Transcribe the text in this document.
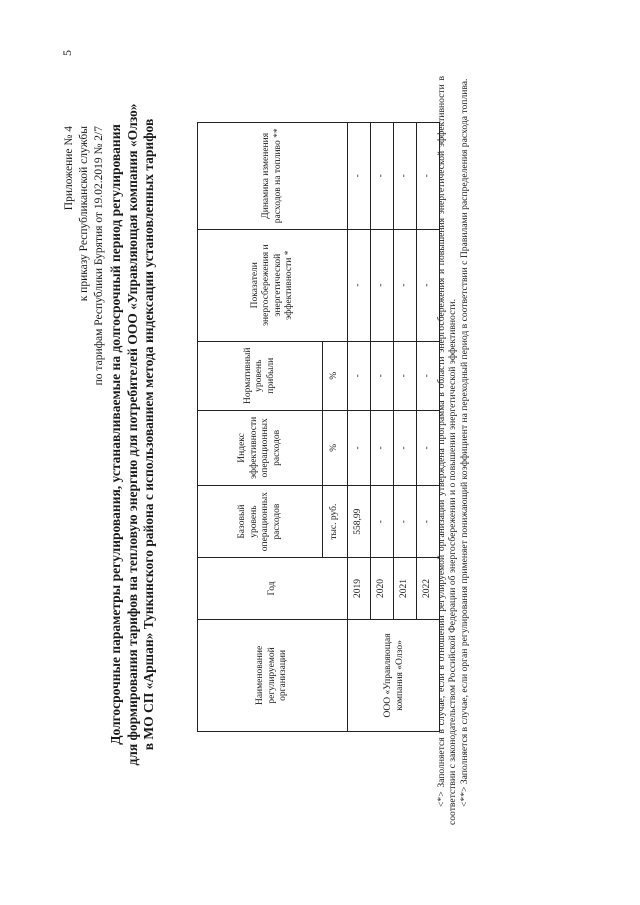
5
Приложение № 4 к приказу Республиканской службы по тарифам Республики Бурятия от 19.02.2019 № 2/7 Долгосрочные параметры регулирования, устанавливаемые на долгосрочный период регулирования для формирования тарифов на тепловую энергию для потребителей ООО «Управляющая компания «Олзо» в МО СП «Аршан» Тункинского района с использованием метода индексации установленных тарифов	Наименование регулируемой организации	Год	Базовый уровень операционных расходов	Индекс эффективности операционных расходов	Нормативный уровень прибыли	Показатели энергосбережения и энергетической эффективности *	Динамика изменения расходов на топливо **
		тыс. руб.	%	%		
ООО «Управляющая компания «Олзо»	2019	558,99	-	-	-	-
	2020	-	-	-	-	-
	2021	-	-	-	-	-
	2022	-	-	-	-	- <*> Заполняется в случае, если в отношении регулируемой организации утверждена программа в области энергосбережения и повышения энергетической эффективности в соответствии с законодательством Российской Федерации об энергосбережении и о повышении энергетической эффективности. <**> Заполняется в случае, если орган регулирования применяет понижающий коэффициент на переходный период в соответствии с Правилами распределения расхода топлива.
